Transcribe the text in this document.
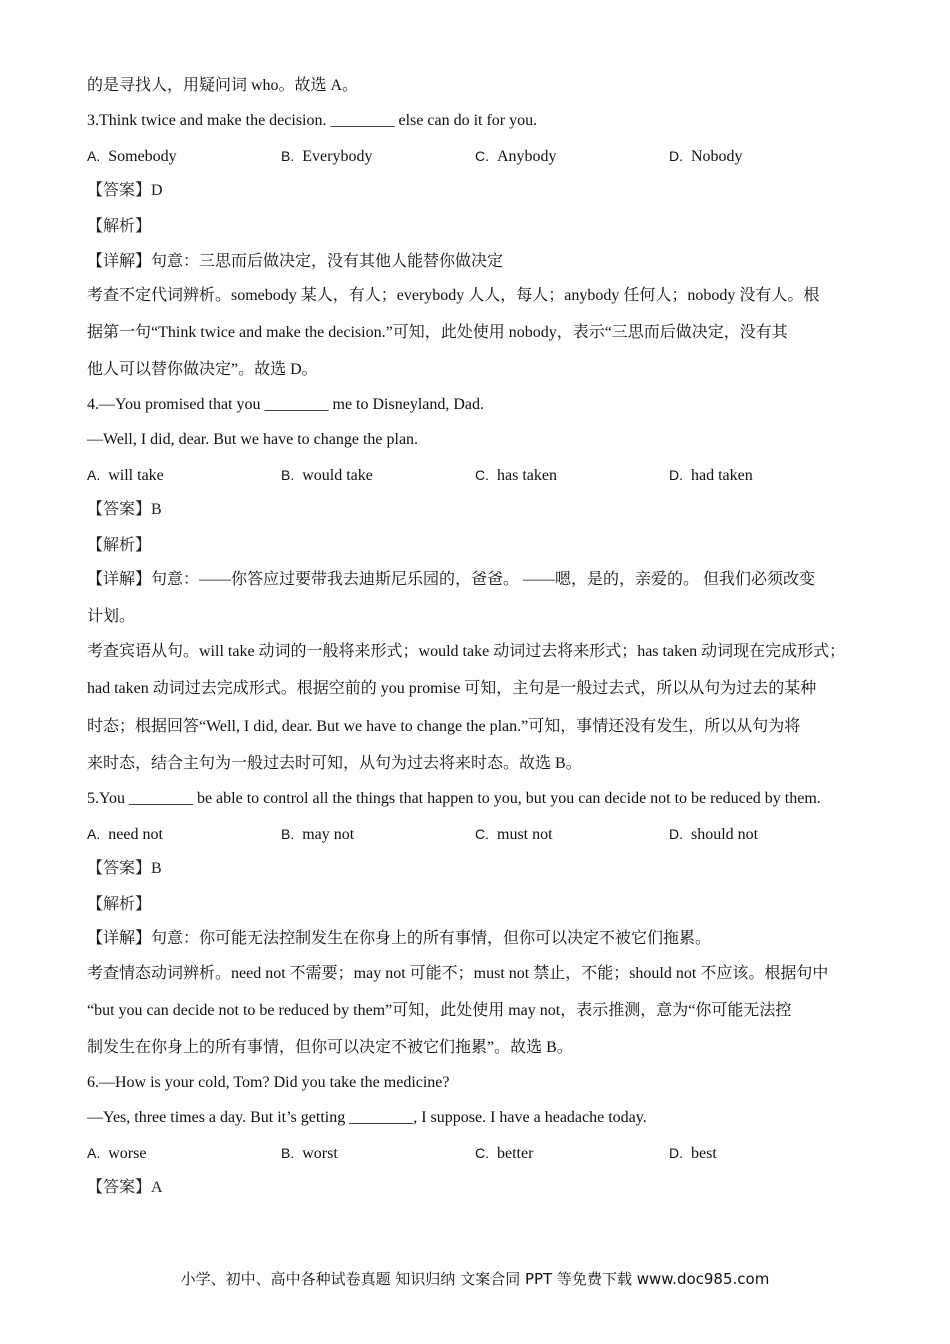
的是寻找人，用疑问词 who。故选 A。
3.Think twice and make the decision. ________ else can do it for you.
A. Somebody	B. Everybody	C. Anybody	D. Nobody
【答案】D
【解析】
【详解】句意：三思而后做决定，没有其他人能替你做决定
考查不定代词辨析。somebody 某人，有人；everybody 人人，每人；anybody 任何人；nobody 没有人。根
据第一句“Think twice and make the decision.”可知，此处使用 nobody，表示“三思而后做决定，没有其
他人可以替你做决定”。故选 D。
4.—You promised that you ________ me to Disneyland, Dad.
—Well, I did, dear. But we have to change the plan.
A. will take	B. would take	C. has taken	D. had taken
【答案】B
【解析】
【详解】句意：——你答应过要带我去迪斯尼乐园的，爸爸。 ——嗯，是的，亲爱的。 但我们必须改变
计划。
考查宾语从句。will take 动词的一般将来形式；would take 动词过去将来形式；has taken 动词现在完成形式；
had taken 动词过去完成形式。根据空前的 you promise 可知，主句是一般过去式，所以从句为过去的某种
时态；根据回答“Well, I did, dear. But we have to change the plan.”可知，事情还没有发生，所以从句为将
来时态，结合主句为一般过去时可知，从句为过去将来时态。故选 B。
5.You ________ be able to control all the things that happen to you, but you can decide not to be reduced by them.
A. need not	B. may not	C. must not	D. should not
【答案】B
【解析】
【详解】句意：你可能无法控制发生在你身上的所有事情，但你可以决定不被它们拖累。
考查情态动词辨析。need not 不需要；may not 可能不；must not 禁止，不能；should not 不应该。根据句中
“but you can decide not to be reduced by them”可知，此处使用 may not，表示推测，意为“你可能无法控
制发生在你身上的所有事情，但你可以决定不被它们拖累”。故选 B。
6.—How is your cold, Tom? Did you take the medicine?
—Yes, three times a day. But it’s getting ________, I suppose. I have a headache today.
A. worse	B. worst	C. better	D. best
【答案】A
小学、初中、高中各种试卷真题 知识归纳 文案合同 PPT 等免费下载 www.doc985.com
